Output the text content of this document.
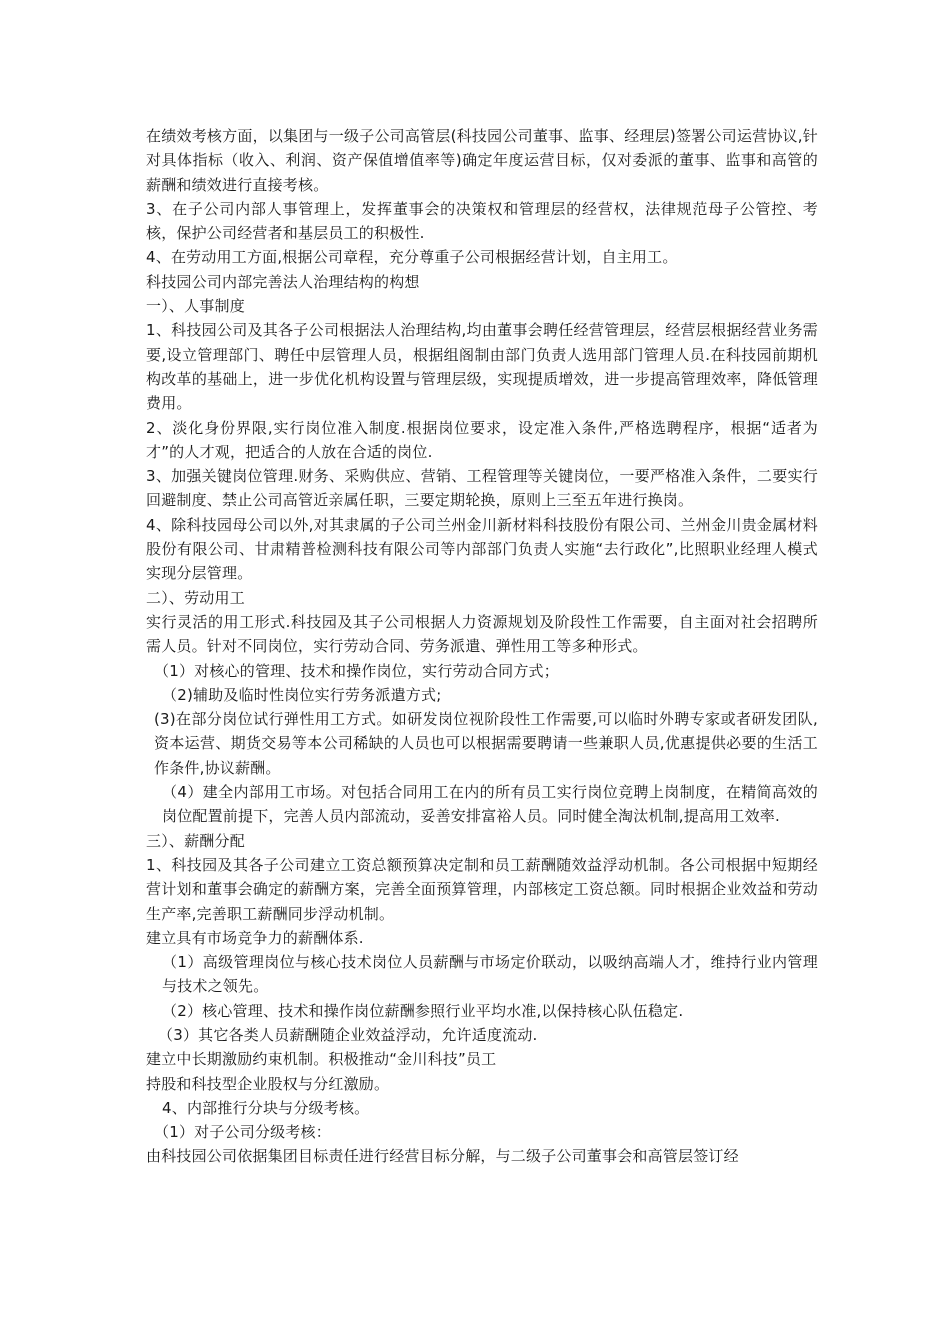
在绩效考核方面，以集团与一级子公司高管层(科技园公司董事、监事、经理层)签署公司运营协议,针对具体指标（收入、利润、资产保值增值率等)确定年度运营目标，仅对委派的董事、监事和高管的薪酬和绩效进行直接考核。

3、在子公司内部人事管理上，发挥董事会的决策权和管理层的经营权，法律规范母子公管控、考核，保护公司经营者和基层员工的积极性.

4、在劳动用工方面,根据公司章程，充分尊重子公司根据经营计划，自主用工。

科技园公司内部完善法人治理结构的构想

一）、人事制度

1、科技园公司及其各子公司根据法人治理结构,均由董事会聘任经营管理层，经营层根据经营业务需要,设立管理部门、聘任中层管理人员，根据组阁制由部门负责人选用部门管理人员.在科技园前期机构改革的基础上，进一步优化机构设置与管理层级，实现提质增效，进一步提高管理效率，降低管理费用。

2、淡化身份界限,实行岗位准入制度.根据岗位要求，设定准入条件,严格选聘程序，根据“适者为才”的人才观，把适合的人放在合适的岗位.

3、加强关键岗位管理.财务、采购供应、营销、工程管理等关键岗位，一要严格准入条件，二要实行回避制度、禁止公司高管近亲属任职，三要定期轮换，原则上三至五年进行换岗。

4、除科技园母公司以外,对其隶属的子公司兰州金川新材料科技股份有限公司、兰州金川贵金属材料股份有限公司、甘肃精普检测科技有限公司等内部部门负责人实施“去行政化”,比照职业经理人模式实现分层管理。

二）、劳动用工

实行灵活的用工形式.科技园及其子公司根据人力资源规划及阶段性工作需要，自主面对社会招聘所需人员。针对不同岗位，实行劳动合同、劳务派遣、弹性用工等多种形式。

（1）对核心的管理、技术和操作岗位，实行劳动合同方式；

（2)辅助及临时性岗位实行劳务派遣方式;

(3)在部分岗位试行弹性用工方式。如研发岗位视阶段性工作需要,可以临时外聘专家或者研发团队,资本运营、期货交易等本公司稀缺的人员也可以根据需要聘请一些兼职人员,优惠提供必要的生活工作条件,协议薪酬。

（4）建全内部用工市场。对包括合同用工在内的所有员工实行岗位竞聘上岗制度，在精简高效的岗位配置前提下，完善人员内部流动，妥善安排富裕人员。同时健全淘汰机制,提高用工效率.

三）、薪酬分配

1、科技园及其各子公司建立工资总额预算决定制和员工薪酬随效益浮动机制。各公司根据中短期经营计划和董事会确定的薪酬方案，完善全面预算管理，内部核定工资总额。同时根据企业效益和劳动生产率,完善职工薪酬同步浮动机制。

建立具有市场竞争力的薪酬体系.

（1）高级管理岗位与核心技术岗位人员薪酬与市场定价联动，以吸纳高端人才，维持行业内管理与技术之领先。

（2）核心管理、技术和操作岗位薪酬参照行业平均水准,以保持核心队伍稳定.

（3）其它各类人员薪酬随企业效益浮动，允许适度流动.

建立中长期激励约束机制。积极推动“金川科技”员工

持股和科技型企业股权与分红激励。

4、内部推行分块与分级考核。

（1）对子公司分级考核：

由科技园公司依据集团目标责任进行经营目标分解，与二级子公司董事会和高管层签订经
